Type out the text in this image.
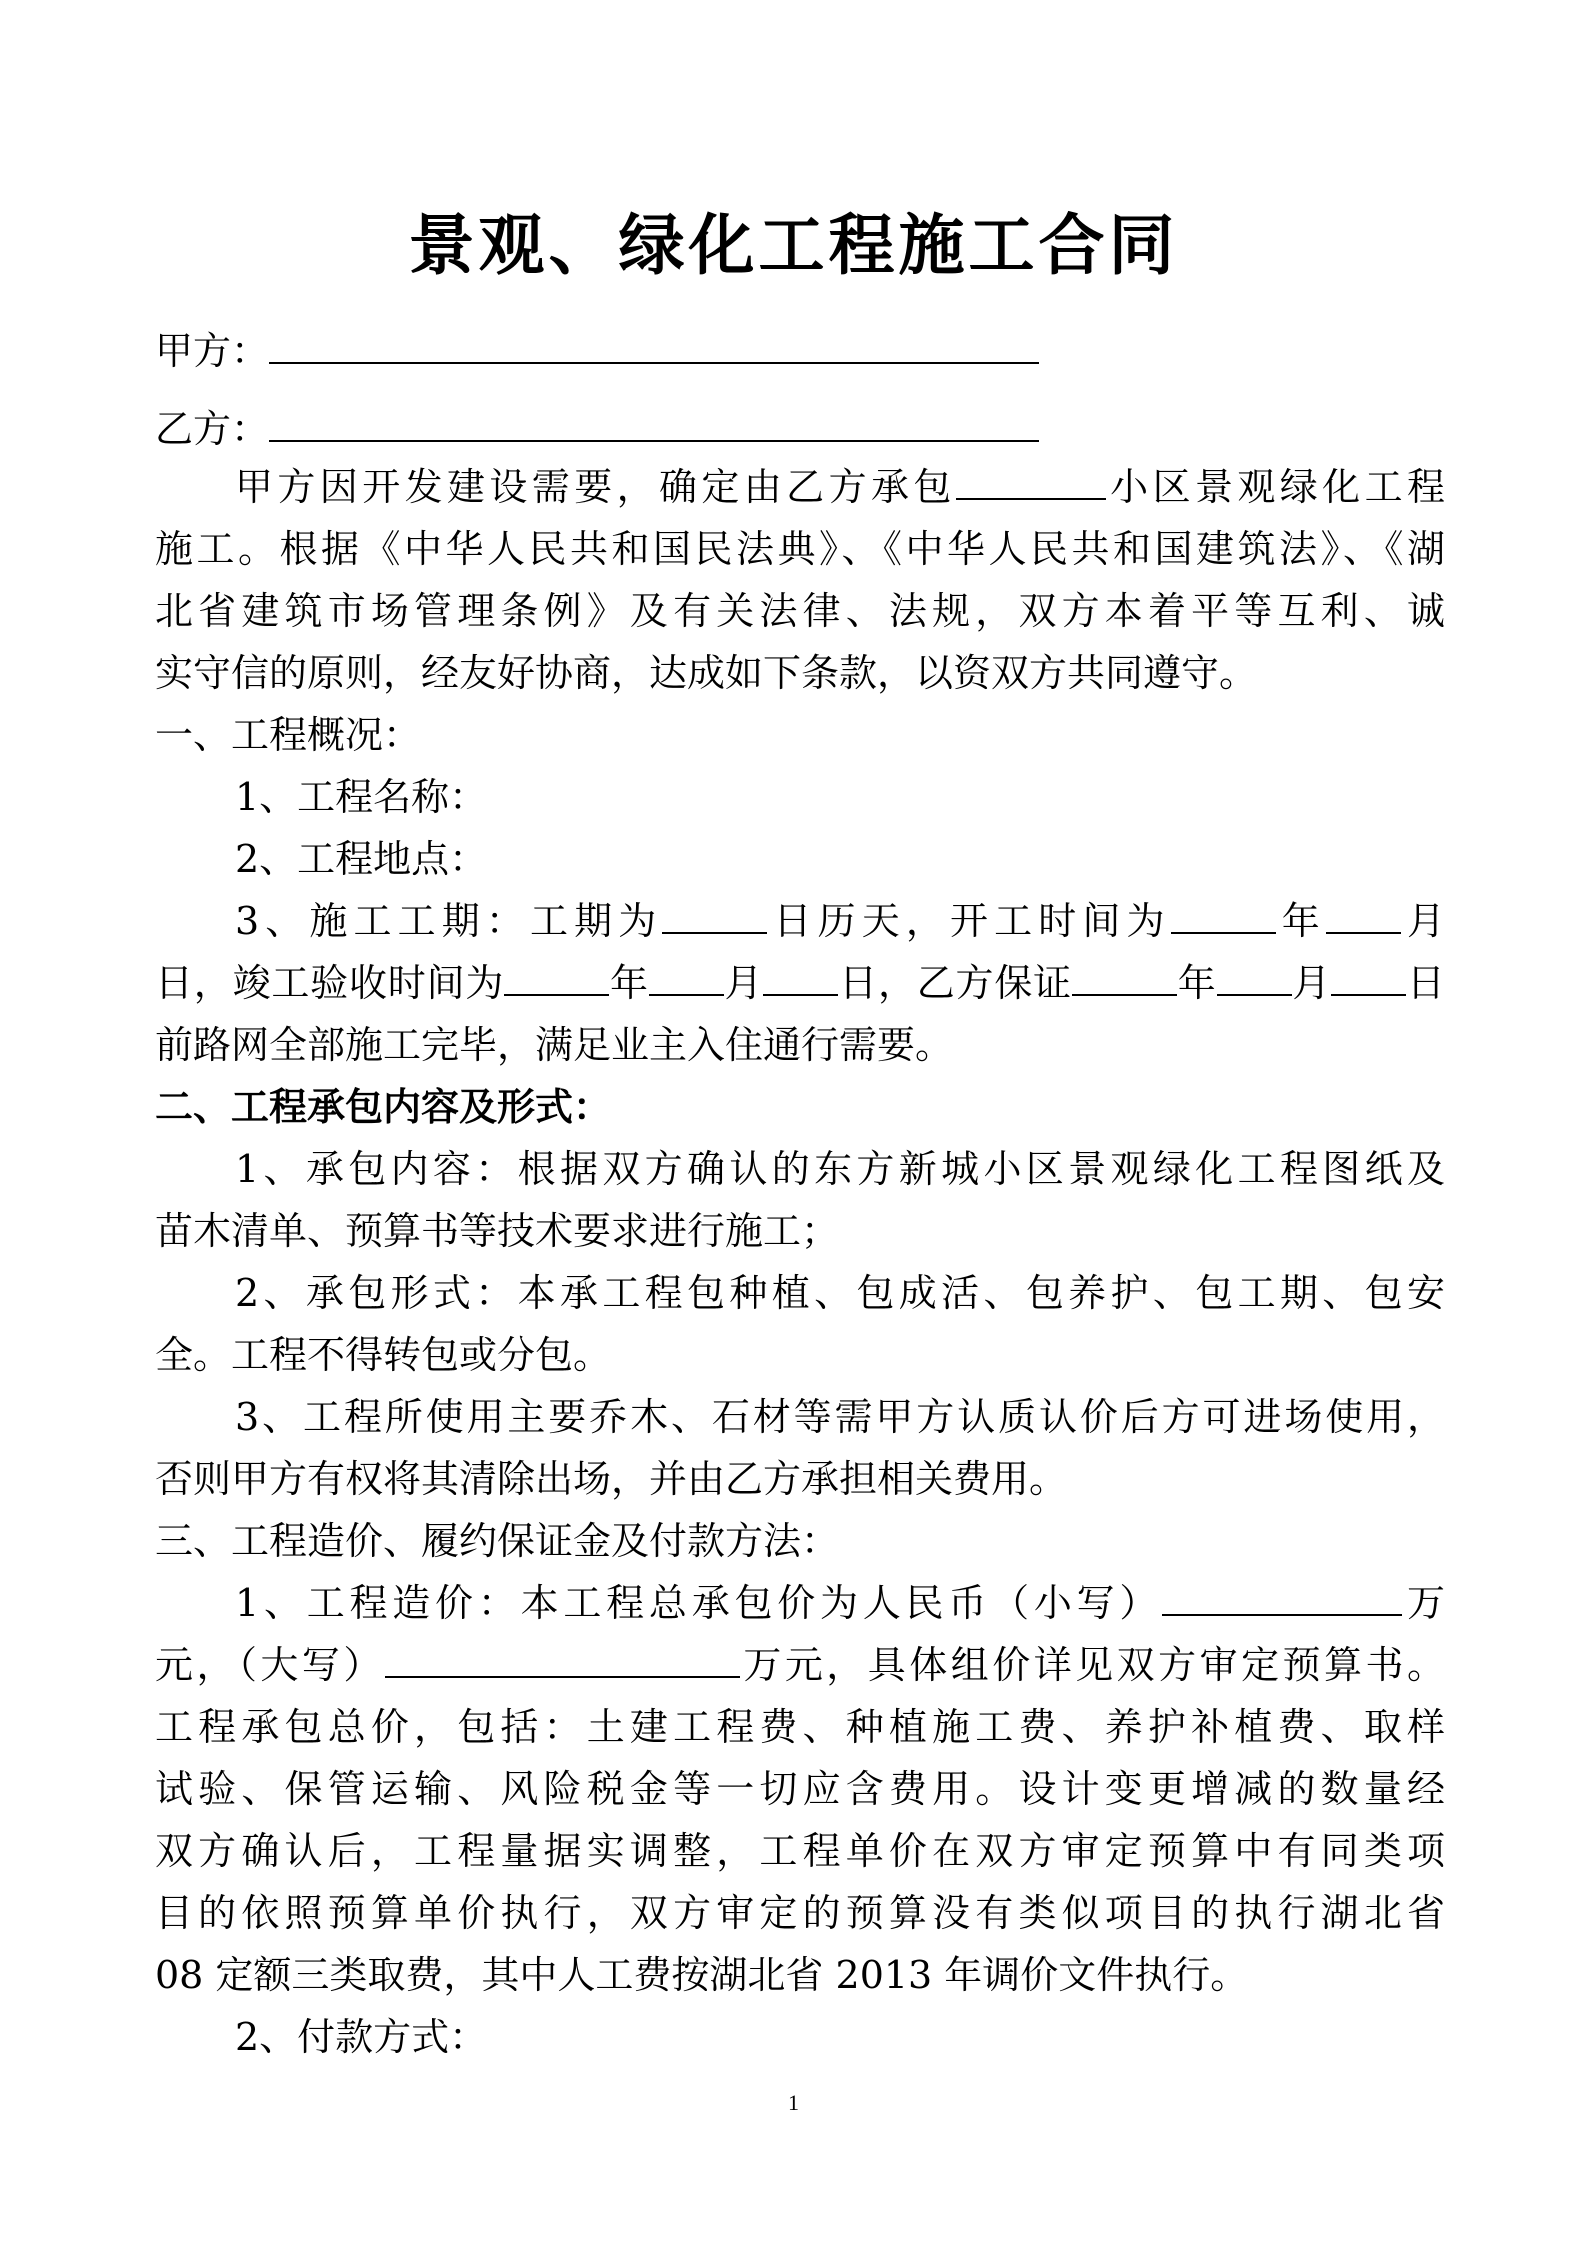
景观、绿化工程施工合同
甲方：
乙方：
甲方因开发建设需要，确定由乙方承包	小区景观绿化工程
施工。根据《中华人民共和国民法典》、《中华人民共和国建筑法》、《湖
北省建筑市场管理条例》及有关法律、法规，双方本着平等互利、诚
实守信的原则，经友好协商，达成如下条款，以资双方共同遵守。
一、工程概况：
1、工程名称：
2、工程地点：
3、施工工期：工期为	日历天，开工时间为	年 月
日，竣工验收时间为	年 月 日，乙方保证	年 月 日
前路网全部施工完毕，满足业主入住通行需要。
二、工程承包内容及形式：
1、承包内容：根据双方确认的东方新城小区景观绿化工程图纸及
苗木清单、预算书等技术要求进行施工；
2、承包形式：本承工程包种植、包成活、包养护、包工期、包安
全。工程不得转包或分包。
3、工程所使用主要乔木、石材等需甲方认质认价后方可进场使用，
否则甲方有权将其清除出场，并由乙方承担相关费用。
三、工程造价、履约保证金及付款方法：
1、工程造价：本工程总承包价为人民币（小写）	万
元，（大写）	万元，具体组价详见双方审定预算书。
工程承包总价，包括：土建工程费、种植施工费、养护补植费、取样
试验、保管运输、风险税金等一切应含费用。设计变更增减的数量经
双方确认后，工程量据实调整，工程单价在双方审定预算中有同类项
目的依照预算单价执行，双方审定的预算没有类似项目的执行湖北省
08 定额三类取费，其中人工费按湖北省 2013 年调价文件执行。
2、付款方式：
1
